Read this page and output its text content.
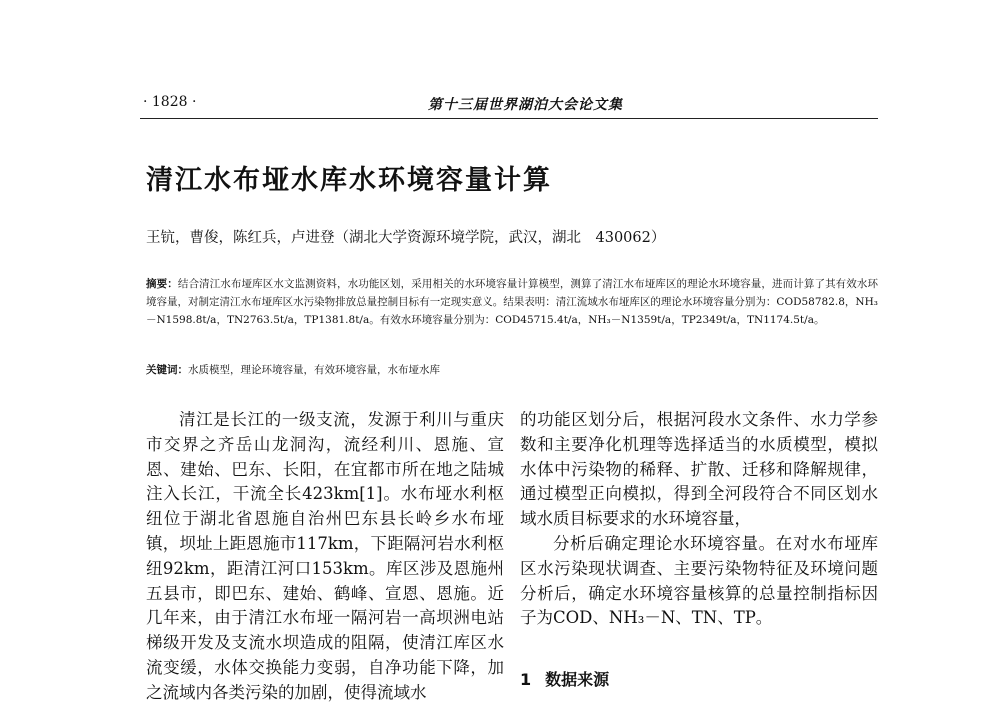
· 1828 ·	第十三届世界湖泊大会论文集
清江水布垭水库水环境容量计算
王钪，曹俊，陈红兵，卢进登（湖北大学资源环境学院，武汉，湖北　430062）
摘要：结合清江水布垭库区水文监测资料，水功能区划，采用相关的水环境容量计算模型，测算了清江水布垭库区的理论水环境容量，进而计算了其有效水环境容量，对制定清江水布垭库区水污染物排放总量控制目标有一定现实意义。结果表明：清江流域水布垭库区的理论水环境容量分别为：COD58782.8，NH₃－N1598.8t/a，TN2763.5t/a，TP1381.8t/a。有效水环境容量分别为：COD45715.4t/a，NH₃－N1359t/a，TP2349t/a，TN1174.5t/a。
关键词：水质模型，理论环境容量，有效环境容量，水布垭水库

清江是长江的一级支流，发源于利川与重庆市交界之齐岳山龙洞沟，流经利川、恩施、宣恩、建始、巴东、长阳，在宜都市所在地之陆城注入长江，干流全长423km[1]。水布垭水利枢纽位于湖北省恩施自治州巴东县长岭乡水布垭镇，坝址上距恩施市117km，下距隔河岩水利枢纽92km，距清江河口153km。库区涉及恩施州五县市，即巴东、建始、鹤峰、宣恩、恩施。近几年来，由于清江水布垭一隔河岩一高坝洲电站梯级开发及支流水坝造成的阻隔，使清江库区水流变缓，水体交换能力变弱，自净功能下降，加之流域内各类污染的加剧，使得流域水

的功能区划分后，根据河段水文条件、水力学参数和主要净化机理等选择适当的水质模型，模拟水体中污染物的稀释、扩散、迁移和降解规律，通过模型正向模拟，得到全河段符合不同区划水域水质目标要求的水环境容量，

分析后确定理论水环境容量。在对水布垭库区水污染现状调查、主要污染物特征及环境问题分析后，确定水环境容量核算的总量控制指标因子为COD、NH₃－N、TN、TP。

1 数据来源
